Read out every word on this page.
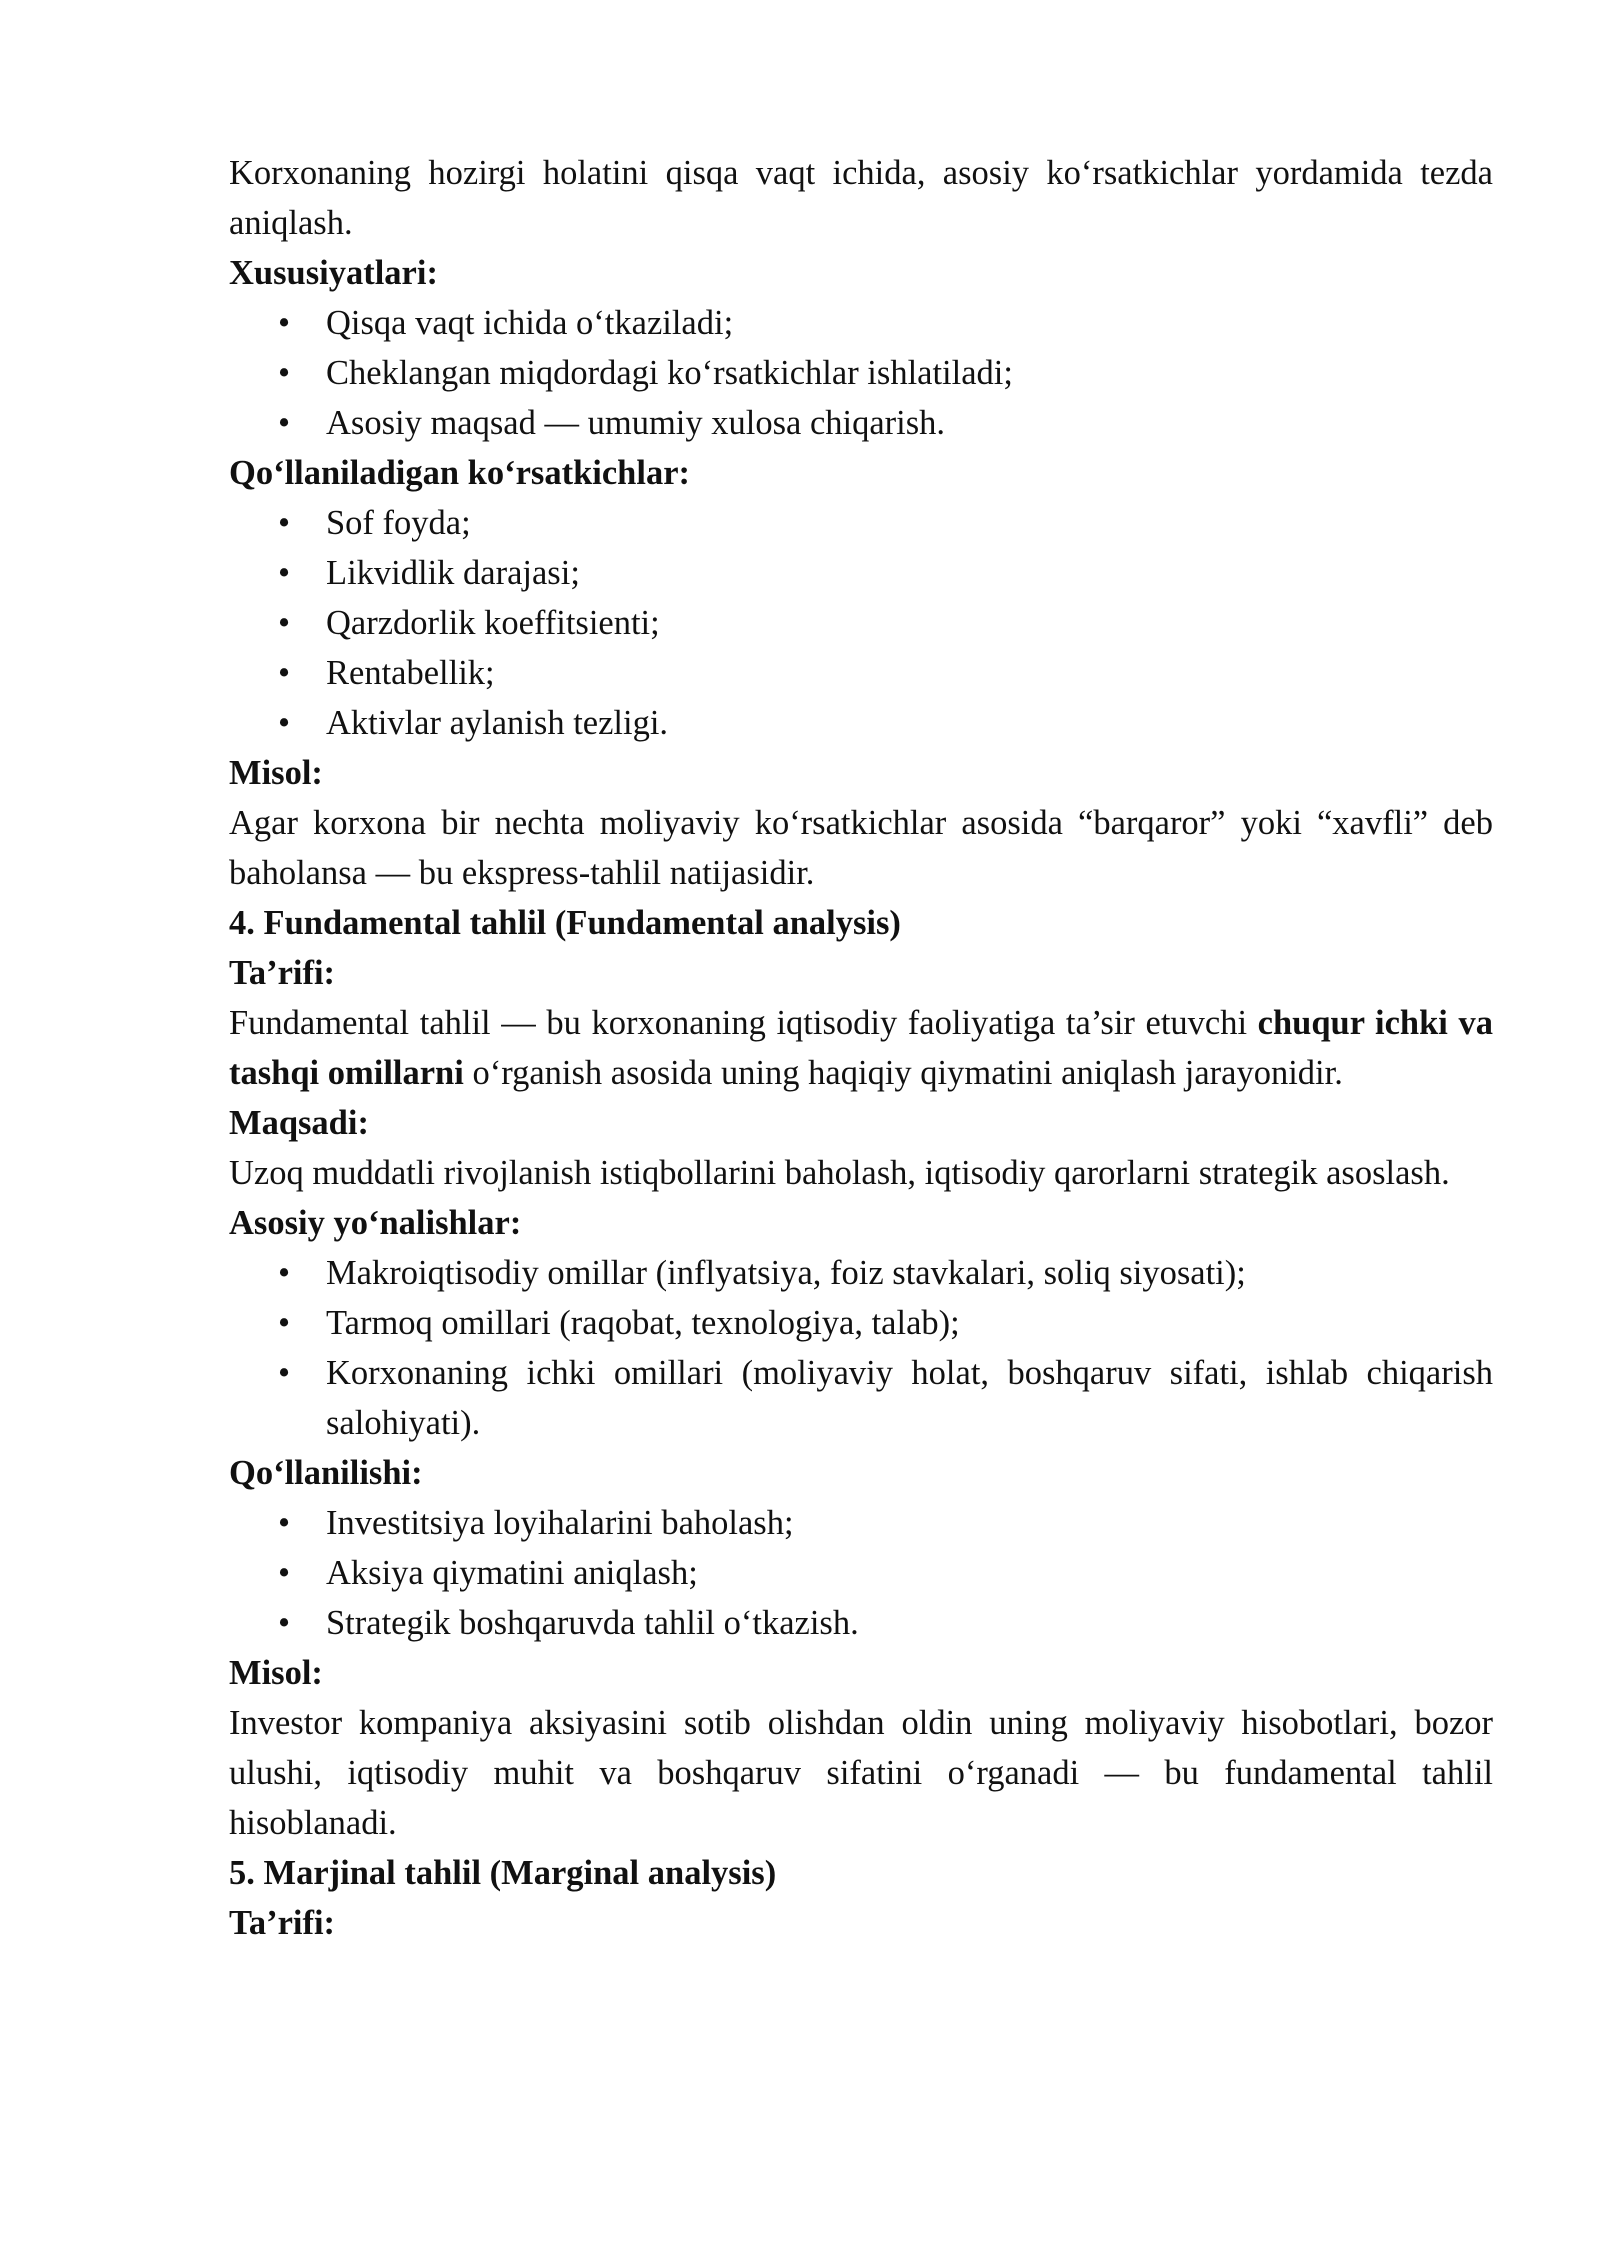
Korxonaning hozirgi holatini qisqa vaqt ichida, asosiy ko‘rsatkichlar yordamida tezda aniqlash.

Xususiyatlari:

• Qisqa vaqt ichida o‘tkaziladi;
• Cheklangan miqdordagi ko‘rsatkichlar ishlatiladi;
• Asosiy maqsad — umumiy xulosa chiqarish.

Qo‘llaniladigan ko‘rsatkichlar:

• Sof foyda;
• Likvidlik darajasi;
• Qarzdorlik koeffitsienti;
• Rentabellik;
• Aktivlar aylanish tezligi.

Misol:

Agar korxona bir nechta moliyaviy ko‘rsatkichlar asosida “barqaror” yoki “xavfli” deb baholansa — bu ekspress-tahlil natijasidir.

4. Fundamental tahlil (Fundamental analysis)

Ta’rifi:

Fundamental tahlil — bu korxonaning iqtisodiy faoliyatiga ta’sir etuvchi chuqur ichki va tashqi omillarni o‘rganish asosida uning haqiqiy qiymatini aniqlash jarayonidir.

Maqsadi:

Uzoq muddatli rivojlanish istiqbollarini baholash, iqtisodiy qarorlarni strategik asoslash.

Asosiy yo‘nalishlar:

• Makroiqtisodiy omillar (inflyatsiya, foiz stavkalari, soliq siyosati);
• Tarmoq omillari (raqobat, texnologiya, talab);
• Korxonaning ichki omillari (moliyaviy holat, boshqaruv sifati, ishlab chiqarish salohiyati).

Qo‘llanilishi:

• Investitsiya loyihalarini baholash;
• Aksiya qiymatini aniqlash;
• Strategik boshqaruvda tahlil o‘tkazish.

Misol:

Investor kompaniya aksiyasini sotib olishdan oldin uning moliyaviy hisobotlari, bozor ulushi, iqtisodiy muhit va boshqaruv sifatini o‘rganadi — bu fundamental tahlil hisoblanadi.

5. Marjinal tahlil (Marginal analysis)

Ta’rifi:
